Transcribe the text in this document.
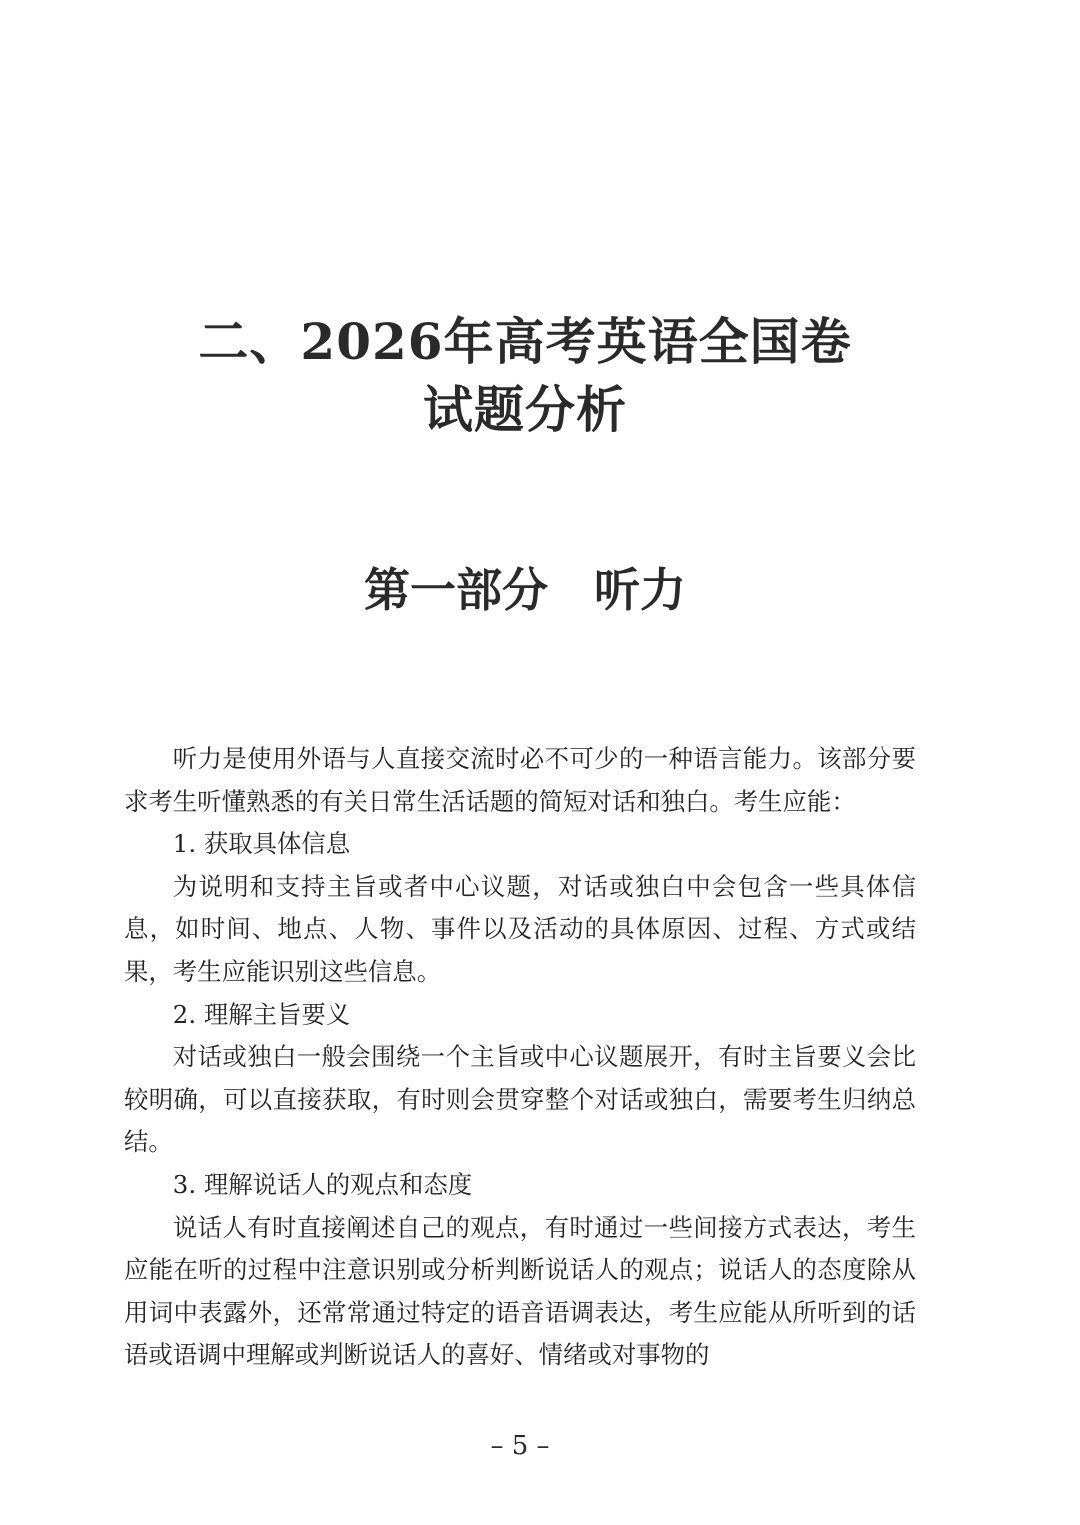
二、2026年高考英语全国卷
试题分析
第一部分　听力

听力是使用外语与人直接交流时必不可少的一种语言能力。该部分要求考生听懂熟悉的有关日常生活话题的简短对话和独白。考生应能：

1. 获取具体信息

为说明和支持主旨或者中心议题，对话或独白中会包含一些具体信息，如时间、地点、人物、事件以及活动的具体原因、过程、方式或结果，考生应能识别这些信息。

2. 理解主旨要义

对话或独白一般会围绕一个主旨或中心议题展开，有时主旨要义会比较明确，可以直接获取，有时则会贯穿整个对话或独白，需要考生归纳总结。

3. 理解说话人的观点和态度

说话人有时直接阐述自己的观点，有时通过一些间接方式表达，考生应能在听的过程中注意识别或分析判断说话人的观点；说话人的态度除从用词中表露外，还常常通过特定的语音语调表达，考生应能从所听到的话语或语调中理解或判断说话人的喜好、情绪或对事物的

– 5 –
